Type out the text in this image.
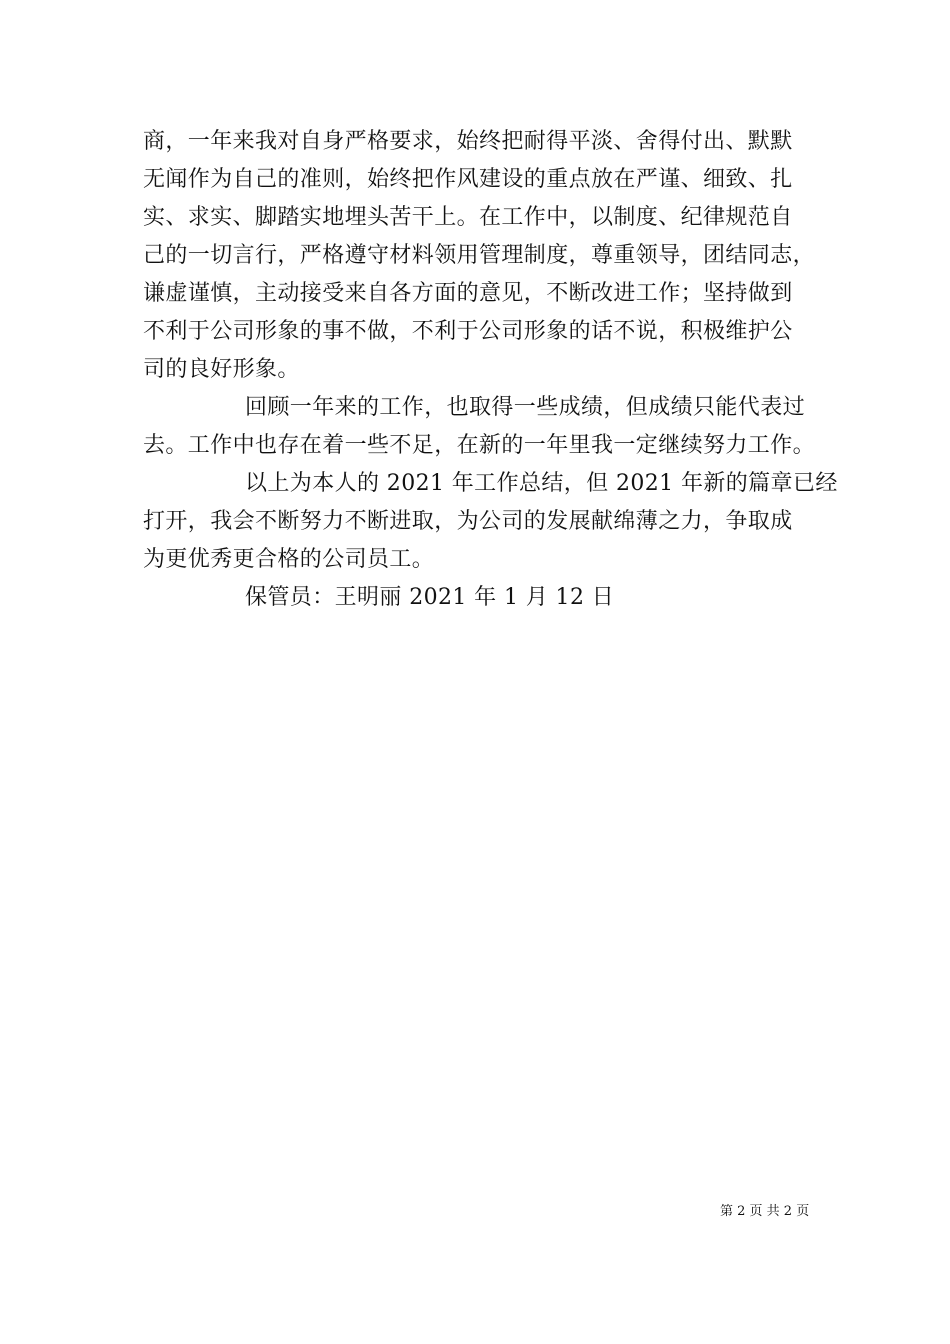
商，一年来我对自身严格要求，始终把耐得平淡、舍得付出、默默
无闻作为自己的准则，始终把作风建设的重点放在严谨、细致、扎
实、求实、脚踏实地埋头苦干上。在工作中，以制度、纪律规范自
己的一切言行，严格遵守材料领用管理制度，尊重领导，团结同志，
谦虚谨慎，主动接受来自各方面的意见，不断改进工作；坚持做到
不利于公司形象的事不做，不利于公司形象的话不说，积极维护公
司的良好形象。
回顾一年来的工作，也取得一些成绩，但成绩只能代表过
去。工作中也存在着一些不足，在新的一年里我一定继续努力工作。
以上为本人的 2021 年工作总结，但 2021 年新的篇章已经
打开，我会不断努力不断进取，为公司的发展献绵薄之力，争取成
为更优秀更合格的公司员工。
保管员：王明丽 2021 年 1 月 12 日
第 2 页 共 2 页
